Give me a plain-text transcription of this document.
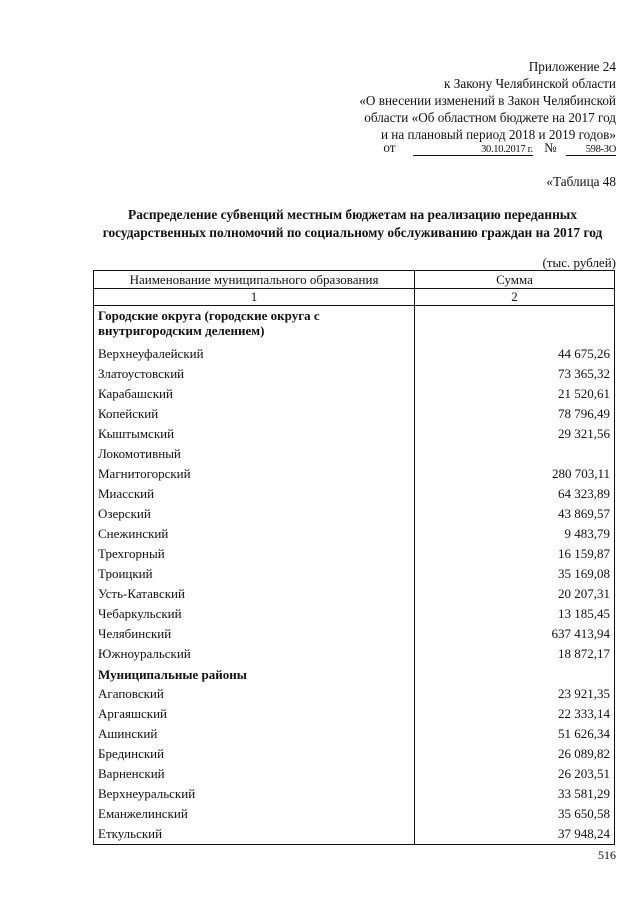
Приложение 24
к Закону Челябинской области
«О внесении изменений в Закон Челябинской
области «Об областном бюджете на 2017 год
и на плановый период 2018 и 2019 годов»
от	30.10.2017 г. №	598-ЗО
«Таблица 48
Распределение субвенций местным бюджетам на реализацию переданных государственных полномочий по социальному обслуживанию граждан на 2017 год
(тыс. рублей)
Наименование муниципального образования	Сумма
1	2
Городские округа (городские округа с внутригородским делением)	
Верхнеуфалейский	44 675,26
Златоустовский	73 365,32
Карабашский	21 520,61
Копейский	78 796,49
Кыштымский	29 321,56
Локомотивный	
Магнитогорский	280 703,11
Миасский	64 323,89
Озерский	43 869,57
Снежинский	9 483,79
Трехгорный	16 159,87
Троицкий	35 169,08
Усть-Катавский	20 207,31
Чебаркульский	13 185,45
Челябинский	637 413,94
Южноуральский	18 872,17
Муниципальные районы	
Агаповский	23 921,35
Аргаяшский	22 333,14
Ашинский	51 626,34
Брединский	26 089,82
Варненский	26 203,51
Верхнеуральский	33 581,29
Еманжелинский	35 650,58
Еткульский	37 948,24
516
